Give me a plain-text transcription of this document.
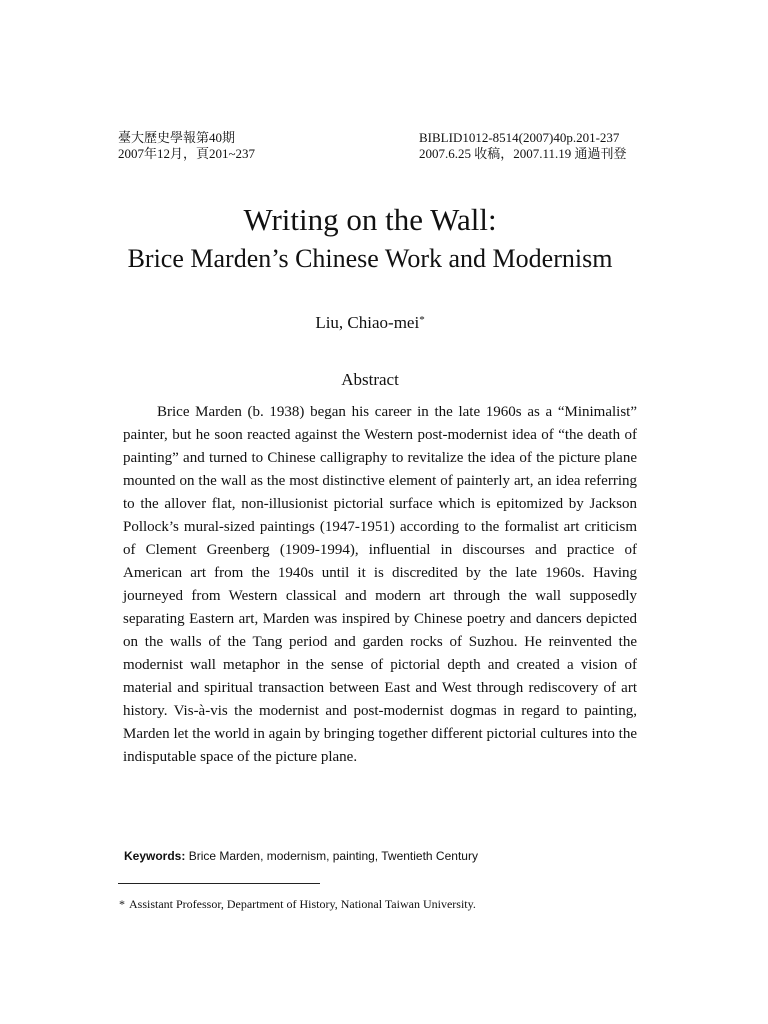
臺大歷史學報第40期
2007年12月，頁201~237
BIBLID1012-8514(2007)40p.201-237
2007.6.25 收稿，2007.11.19 通過刊登
Writing on the Wall:
Brice Marden’s Chinese Work and Modernism
Liu, Chiao-mei*
Abstract

Brice Marden (b. 1938) began his career in the late 1960s as a “Minimalist” painter, but he soon reacted against the Western post-modernist idea of “the death of painting” and turned to Chinese calligraphy to revitalize the idea of the picture plane mounted on the wall as the most distinctive element of painterly art, an idea referring to the allover flat, non-illusionist pictorial surface which is epitomized by Jackson Pollock’s mural-sized paintings (1947-1951) according to the formalist art criticism of Clement Greenberg (1909-1994), influential in discourses and practice of American art from the 1940s until it is discredited by the late 1960s. Having journeyed from Western classical and modern art through the wall supposedly separating Eastern art, Marden was inspired by Chinese poetry and dancers depicted on the walls of the Tang period and garden rocks of Suzhou. He reinvented the modernist wall metaphor in the sense of pictorial depth and created a vision of material and spiritual transaction between East and West through rediscovery of art history. Vis-à-vis the modernist and post-modernist dogmas in regard to painting, Marden let the world in again by bringing together different pictorial cultures into the indisputable space of the picture plane.

Keywords: Brice Marden, modernism, painting, Twentieth Century
* Assistant Professor, Department of History, National Taiwan University.
